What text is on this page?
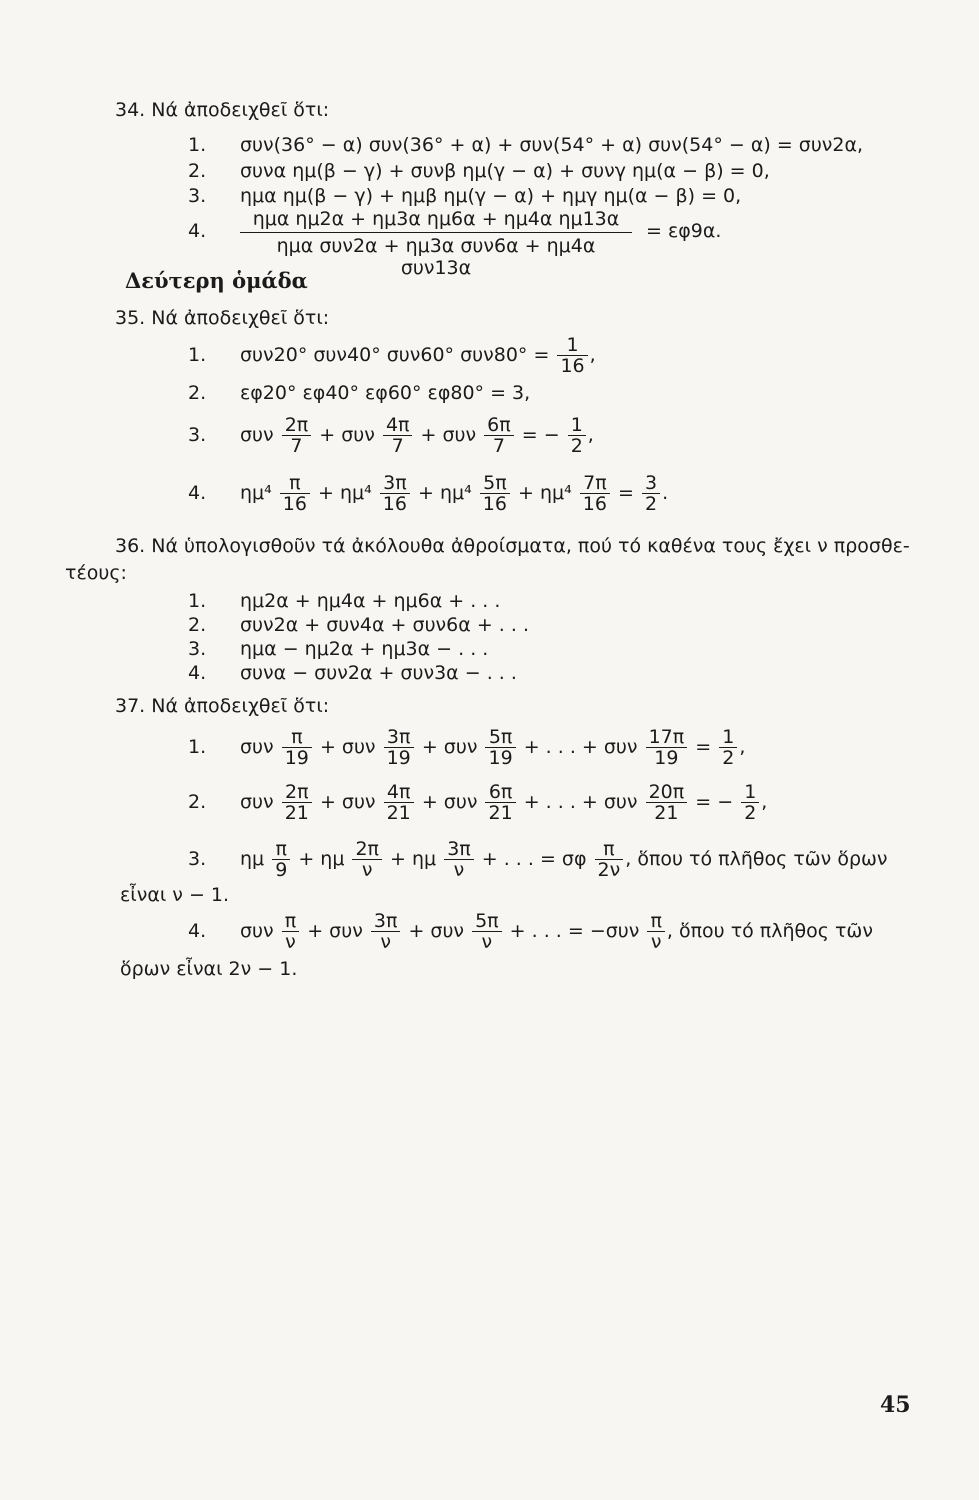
34. Νά ἀποδειχθεῖ ὅτι:
1. συν(36° − α) συν(36° + α) + συν(54° + α) συν(54° − α) = συν2α,
2. συνα ημ(β − γ) + συνβ ημ(γ − α) + συνγ ημ(α − β) = 0,
3. ημα ημ(β − γ) + ημβ ημ(γ − α) + ημγ ημ(α − β) = 0,
4.
ημα ημ2α + ημ3α ημ6α + ημ4α ημ13α
ημα συν2α + ημ3α συν6α + ημ4α συν13α
= εφ9α.
Δεύτερη ὁμάδα
35. Νά ἀποδειχθεῖ ὅτι:
1. συν20° συν40° συν60° $\sigma\upsilon\nu 80^\circ = \frac{1}{16}$ ,
2. εφ20° εφ40° εφ60° εφ80° = 3,
3. συν $\frac{2\pi}{7} + \sigma\upsilon\nu \frac{4\pi}{7} + \sigma\upsilon\nu \frac{6\pi}{7}$ = − $\frac{1}{2}$ ,
4. $\eta\mu^4 \frac{\pi}{16} + \eta\mu^4 \frac{3\pi}{16} + \eta\mu^4 \frac{5\pi}{16} + \eta\mu^4 \frac{7\pi}{16} = \frac{3}{2}$ .
36. Νά ὑπολογισθοῦν τά ἀκόλουθα ἀθροίσματα, πού τό καθένα τους ἔχει ν προσθε-
τέους:
1. ημ2α + ημ4α + ημ6α + . . .
2. συν2α + συν4α + συν6α + . . .
3. ημα − ημ2α + ημ3α − . . .
4. συνα − συν2α + συν3α − . . .
37. Νά ἀποδειχθεῖ ὅτι:
1. συν $\frac{\pi}{19} + \sigma\upsilon\nu \frac{3\pi}{19} + \sigma\upsilon\nu \frac{5\pi}{19}$ + . . . + συν $\frac{17\pi}{19} = \frac{1}{2}$ ,
2. συν $\frac{2\pi}{21} + \sigma\upsilon\nu \frac{4\pi}{21} + \sigma\upsilon\nu \frac{6\pi}{21}$ + . . . + συν $\frac{20\pi}{21}$ = − $\frac{1}{2}$ ,
3. ημ $\frac{\pi}{9} + \eta\mu \frac{2\pi}{\nu} + \eta\mu \frac{3\pi}{\nu}$ + . . . = σφ $\frac{\pi}{2\nu}$ , ὅπου τό πλῆθος τῶν ὅρων
εἶναι ν − 1.
4. συν $\frac{\pi}{\nu} + \sigma\upsilon\nu \frac{3\pi}{\nu} + \sigma\upsilon\nu \frac{5\pi}{\nu}$ + . . . = $-\sigma\upsilon\nu \frac{\pi}{\nu}$ , ὅπου τό πλῆθος τῶν
ὅρων εἶναι 2ν − 1.
45
